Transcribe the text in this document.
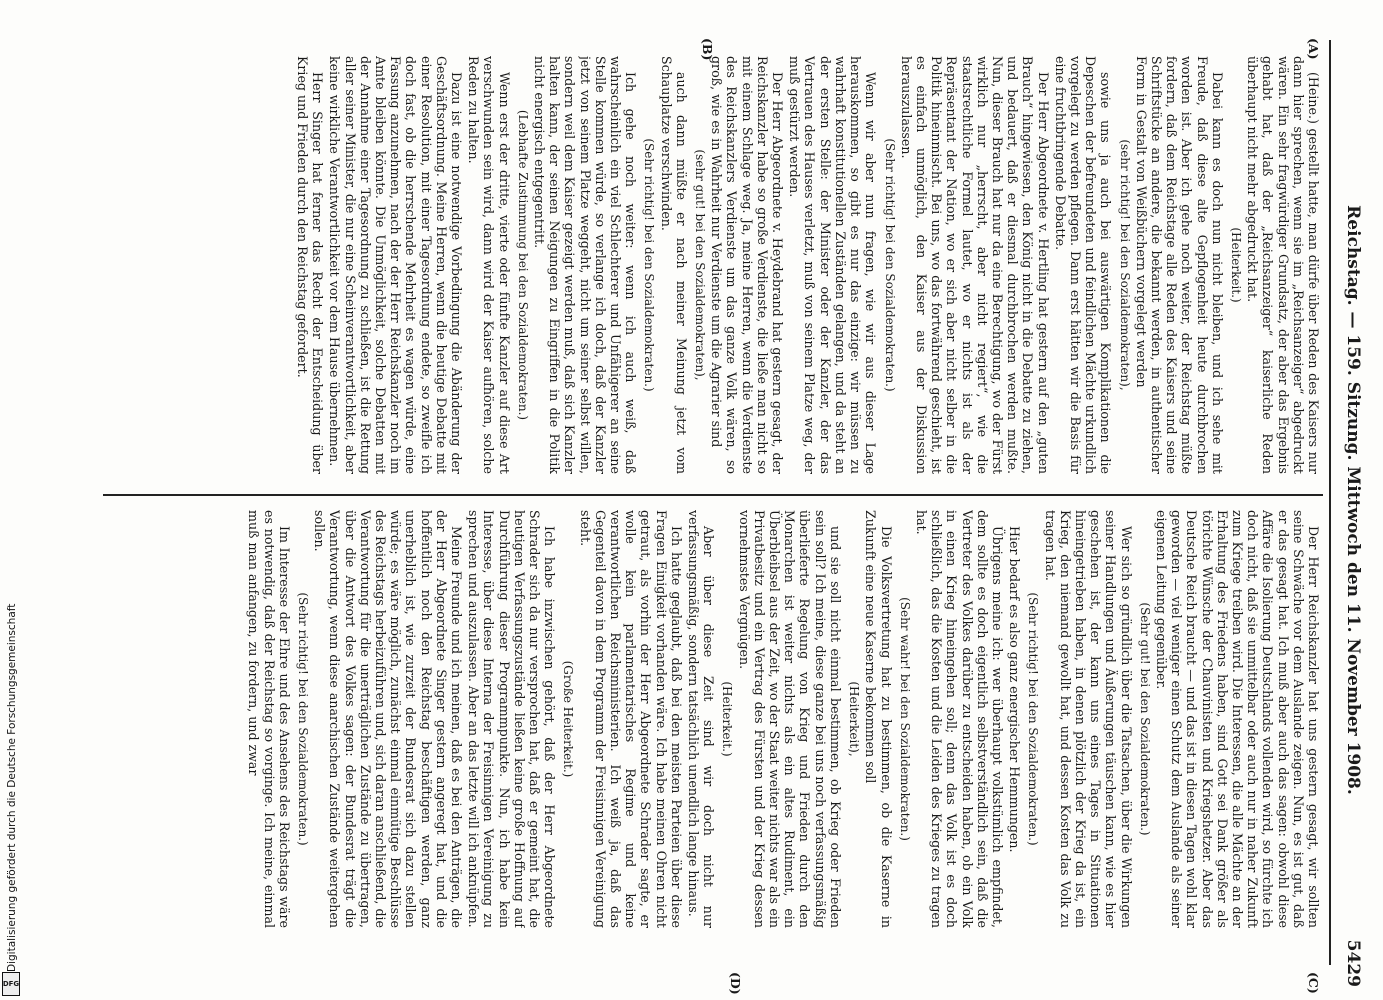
Reichstag. — 159. Sitzung. Mittwoch den 11. November 1908.
5429
(A)
(B)
(C)
(D)

(Heine.) gestellt hatte, man dürfe über Reden des Kaisers nur dann hier sprechen, wenn sie im „Reichsanzeiger“ abgedruckt wären. Ein sehr fragwürdiger Grundsatz, der aber das Ergebnis gehabt hat, daß der „Reichsanzeiger“ kaiserliche Reden überhaupt nicht mehr abgedruckt hat.

(Heiterkeit.)

Dabei kann es doch nun nicht bleiben, und ich sehe mit Freude, daß diese alte Gepflogenheit heute durchbrochen worden ist. Aber ich gehe noch weiter, der Reichstag müßte fordern, daß dem Reichstage alle Reden des Kaisers und seine Schriftstücke an andere, die bekannt werden, in authentischer Form in Gestalt von Weißbüchern vorgelegt werden

(sehr richtig! bei den Sozialdemokraten),

sowie uns ja auch bei auswärtigen Komplikationen die Depeschen der befreundeten und feindlichen Mächte urkundlich vorgelegt zu werden pflegen. Dann erst hätten wir die Basis für eine fruchtbringende Debatte.

Der Herr Abgeordnete v. Hertling hat gestern auf den „guten Brauch“ hingewiesen, den König nicht in die Debatte zu ziehen, und bedauert, daß er diesmal durchbrochen werden mußte. Nun, dieser Brauch hat nur da eine Berechtigung, wo der Fürst wirklich nur „herrscht, aber nicht regiert“, wie die staatsrechtliche Formel lautet, wo er nichts ist als der Repräsentant der Nation, wo er sich aber nicht selber in die Politik hineinmischt. Bei uns, wo das fortwährend geschieht, ist es einfach unmöglich, den Kaiser aus der Diskussion herauszulassen.

(Sehr richtig! bei den Sozialdemokraten.)

Wenn wir aber nun fragen, wie wir aus dieser Lage herauskommen, so gibt es nur das einzige: wir müssen zu wahrhaft konstitutionellen Zuständen gelangen, und da steht an der ersten Stelle: der Minister oder der Kanzler, der das Vertrauen des Hauses verletzt, muß von seinem Platze weg, der muß gestürzt werden.

Der Herr Abgeordnete v. Heydebrand hat gestern gesagt, der Reichskanzler habe so große Verdienste, die ließe man nicht so mit einem Schlage weg. Ja, meine Herren, wenn die Verdienste des Reichskanzlers Verdienste um das ganze Volk wären, so groß, wie es in Wahrheit nur Verdienste um die Agrarier sind

(sehr gut! bei den Sozialdemokraten),

auch dann müßte er nach meiner Meinung jetzt vom Schauplatze verschwinden.

(Sehr richtig! bei den Sozialdemokraten.)

Ich gehe noch weiter: wenn ich auch weiß, daß wahrscheinlich ein viel Schlechterer und Unfähigerer an seine Stelle kommen würde, so verlange ich doch, daß der Kanzler jetzt von seinem Platze weggeht, nicht um seiner selbst willen, sondern weil dem Kaiser gezeigt werden muß, daß sich Kanzler halten kann, der seinen Neigungen zu Eingriffen in die Politik nicht energisch entgegentritt.

(Lebhafte Zustimmung bei den Sozialdemokraten.)

Wenn erst der dritte, vierte oder fünfte Kanzler auf diese Art verschwunden sein wird, dann wird der Kaiser aufhören, solche Reden zu halten.

Dazu ist eine notwendige Vorbedingung die Abänderung der Geschäftsordnung. Meine Herren, wenn die heutige Debatte mit einer Resolution, mit einer Tagesordnung endete, so zweifle ich doch fast, ob die herrschende Mehrheit es wagen würde, eine Fassung anzunehmen, nach der der Herr Reichskanzler noch im Amte bleiben könnte. Die Unmöglichkeit, solche Debatten mit der Annahme einer Tagesordnung zu schließen, ist die Rettung aller seiner Minister, die nur eine Scheinverantwortlichkeit, aber keine wirkliche Verantwortlichkeit vor dem Hause übernehmen.

Herr Singer hat ferner das Recht der Entscheidung über Krieg und Frieden durch den Reichstag gefordert.

Der Herr Reichskanzler hat uns gestern gesagt, wir sollten seine Schwäche vor dem Auslande zeigen. Nun, es ist gut, daß er das gesagt hat. Ich muß aber auch das sagen: obwohl diese Affäre die Isolierung Deutschlands vollenden wird, so fürchte ich doch nicht, daß sie unmittelbar oder auch nur in naher Zukunft zum Kriege treiben wird. Die Interessen, die alle Mächte an der Erhaltung des Friedens haben, sind Gott sei Dank größer als törichte Wünsche der Chauvinisten und Kriegshetzer. Aber das Deutsche Reich braucht — und das ist in diesen Tagen wohl klar geworden — viel weniger einen Schutz dem Auslande als seiner eigenen Leitung gegenüber.

(Sehr gut! bei den Sozialdemokraten.)

Wer sich so gründlich über die Tatsachen, über die Wirkungen seiner Handlungen und Äußerungen täuschen kann, wie es hier geschehen ist, der kann uns eines Tages in Situationen hineingetrieben haben, in denen plötzlich der Krieg da ist, ein Krieg, den niemand gewollt hat, und dessen Kosten das Volk zu tragen hat.

(Sehr richtig! bei den Sozialdemokraten.)

Hier bedarf es also ganz energischer Hemmungen.

Übrigens meine ich: wer überhaupt volkstümlich empfindet, dem sollte es doch eigentlich selbstverständlich sein, daß die Vertreter des Volkes darüber zu entscheiden haben, ob ein Volk in einen Krieg hineingehen soll; denn das Volk ist es doch schließlich, das die Kosten und die Leiden des Krieges zu tragen hat.

(Sehr wahr! bei den Sozialdemokraten.)

Die Volksvertretung hat zu bestimmen, ob die Kaserne in Zukunft eine neue Kaserne bekommen soll

(Heiterkeit),

und sie soll nicht einmal bestimmen, ob Krieg oder Frieden sein soll? Ich meine, diese ganze bei uns noch verfassungsmäßig überlieferte Regelung von Krieg und Frieden durch den Monarchen ist weiter nichts als ein altes Rudiment, ein Überbleibsel aus der Zeit, wo der Staat weiter nichts war als ein Privatbesitz und ein Vertrag des Fürsten und der Krieg dessen vornehmstes Vergnügen.

(Heiterkeit.)

Aber über diese Zeit sind wir doch nicht nur verfassungsmäßig, sondern tatsächlich unendlich lange hinaus.

Ich hatte geglaubt, daß bei den meisten Parteien über diese Fragen Einigkeit vorhanden wäre. Ich habe meinen Ohren nicht getraut, als vorhin der Herr Abgeordnete Schrader sagte, er wolle kein parlamentarisches Regime und keine verantwortlichen Reichsministerien. Ich weiß ja, daß das Gegenteil davon in dem Programm der Freisinnigen Vereinigung steht.

(Große Heiterkeit.)

Ich habe inzwischen gehört, daß der Herr Abgeordnete Schrader sich da nur versprochen hat, daß er gemeint hat, die heutigen Verfassungszustände ließen keine große Hoffnung auf Durchführung dieser Programmpunkte. Nun, ich habe kein Interesse, über diese Interna der Freisinnigen Vereinigung zu sprechen und auszulassen. Aber an das letzte will ich anknüpfen.

Meine Freunde und ich meinen, daß es bei den Anträgen, die der Herr Abgeordnete Singer gestern angeregt hat, und die hoffentlich noch den Reichstag beschäftigen werden, ganz unerheblich ist, wie zurzeit der Bundesrat sich dazu stellen würde; es wäre möglich, zunächst einmal einmütige Beschlüsse des Reichstags herbeizuführen und, sich daran anschließend, die Verantwortung für die unerträglichen Zustände zu übertragen, über die Antwort des Volkes sagen: der Bundesrat trägt die Verantwortung, wenn diese anarchischen Zustände weitergehen sollen.

(Sehr richtig! bei den Sozialdemokraten.)

Im Interesse der Ehre und des Ansehens des Reichstags wäre es notwendig, daß der Reichstag so vorginge. Ich meine, einmal muß man anfangen, zu fordern, und zwar

DFG
Digitalisierung gefördert durch die Deutsche Forschungsgemeinschaft
